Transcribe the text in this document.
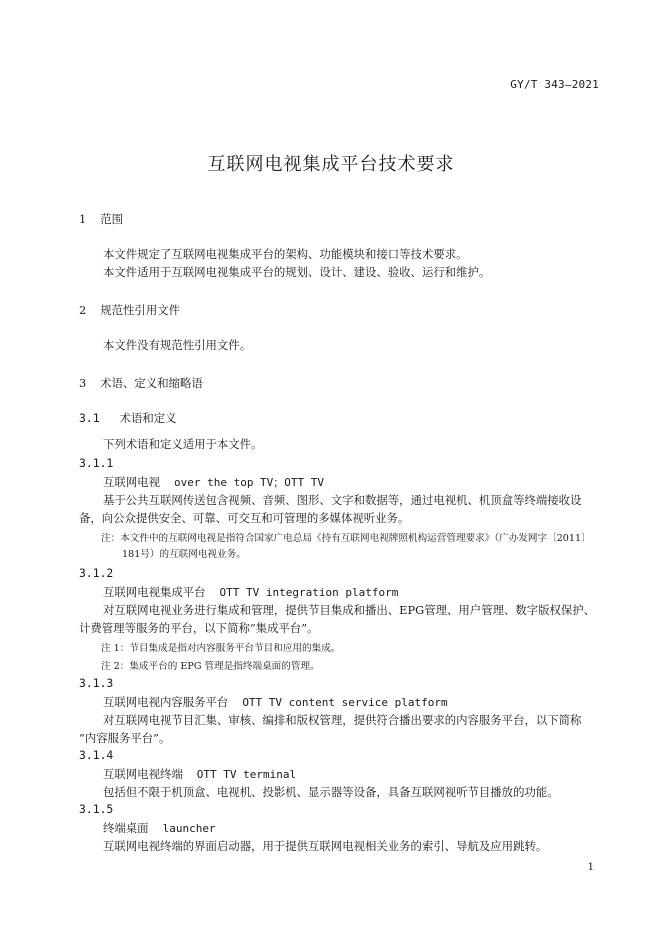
GY/T 343—2021
互联网电视集成平台技术要求
1 范围
本文件规定了互联网电视集成平台的架构、功能模块和接口等技术要求。
本文件适用于互联网电视集成平台的规划、设计、建设、验收、运行和维护。
2 规范性引用文件
本文件没有规范性引用文件。
3 术语、定义和缩略语
3.1 术语和定义
下列术语和定义适用于本文件。
3.1.1
互联网电视 over the top TV；OTT TV
基于公共互联网传送包含视频、音频、图形、文字和数据等，通过电视机、机顶盒等终端接收设
备，向公众提供安全、可靠、可交互和可管理的多媒体视听业务。
注：本文件中的互联网电视是指符合国家广电总局《持有互联网电视牌照机构运营管理要求》（广办发网字〔2011〕
181号）的互联网电视业务。
3.1.2
互联网电视集成平台 OTT TV integration platform
对互联网电视业务进行集成和管理，提供节目集成和播出、EPG管理、用户管理、数字版权保护、
计费管理等服务的平台，以下简称“集成平台”。
注 1：节目集成是指对内容服务平台节目和应用的集成。
注 2：集成平台的 EPG 管理是指终端桌面的管理。
3.1.3
互联网电视内容服务平台 OTT TV content service platform
对互联网电视节目汇集、审核、编排和版权管理，提供符合播出要求的内容服务平台，以下简称
“内容服务平台”。
3.1.4
互联网电视终端 OTT TV terminal
包括但不限于机顶盒、电视机、投影机、显示器等设备，具备互联网视听节目播放的功能。
3.1.5
终端桌面 launcher
互联网电视终端的界面启动器，用于提供互联网电视相关业务的索引、导航及应用跳转。
1
